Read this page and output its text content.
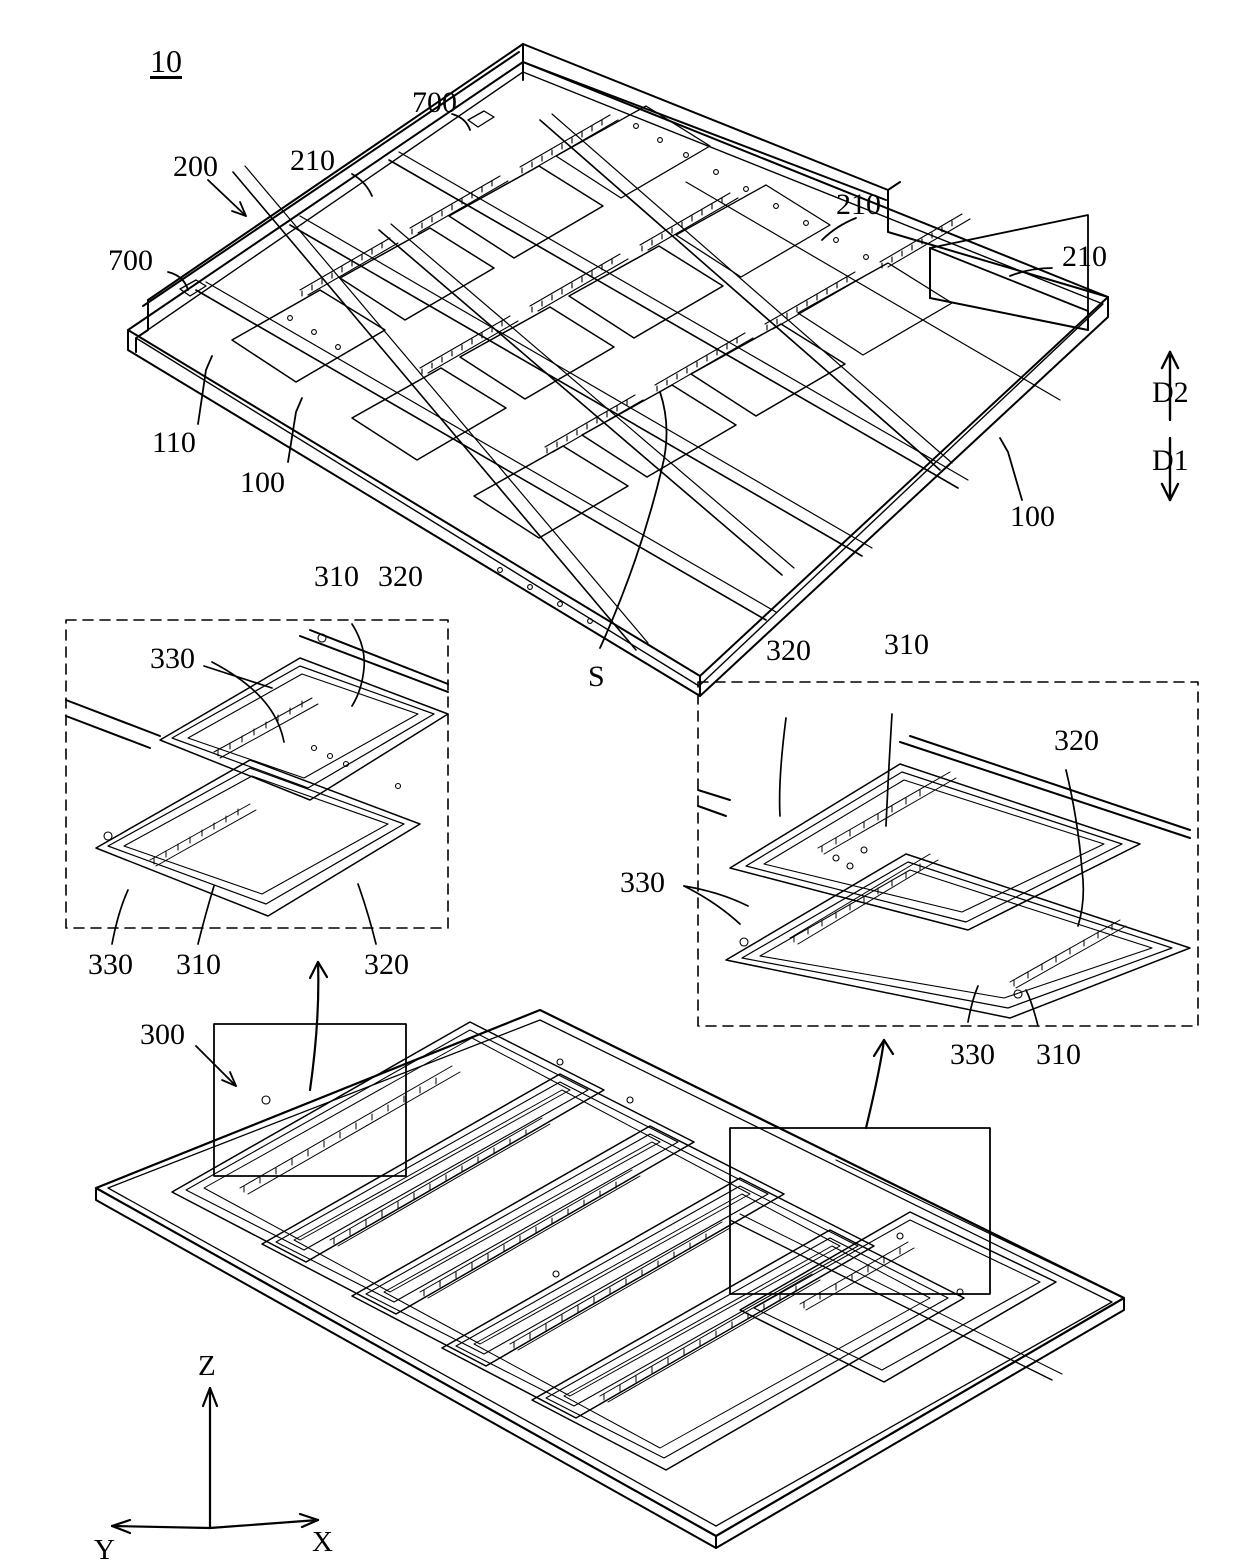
10
700
700
200 210
210
210
110
100
100
S
D2
D1
310 320
330
330 310	320
320 310
320
330
330 310
300
Z
Y	X
